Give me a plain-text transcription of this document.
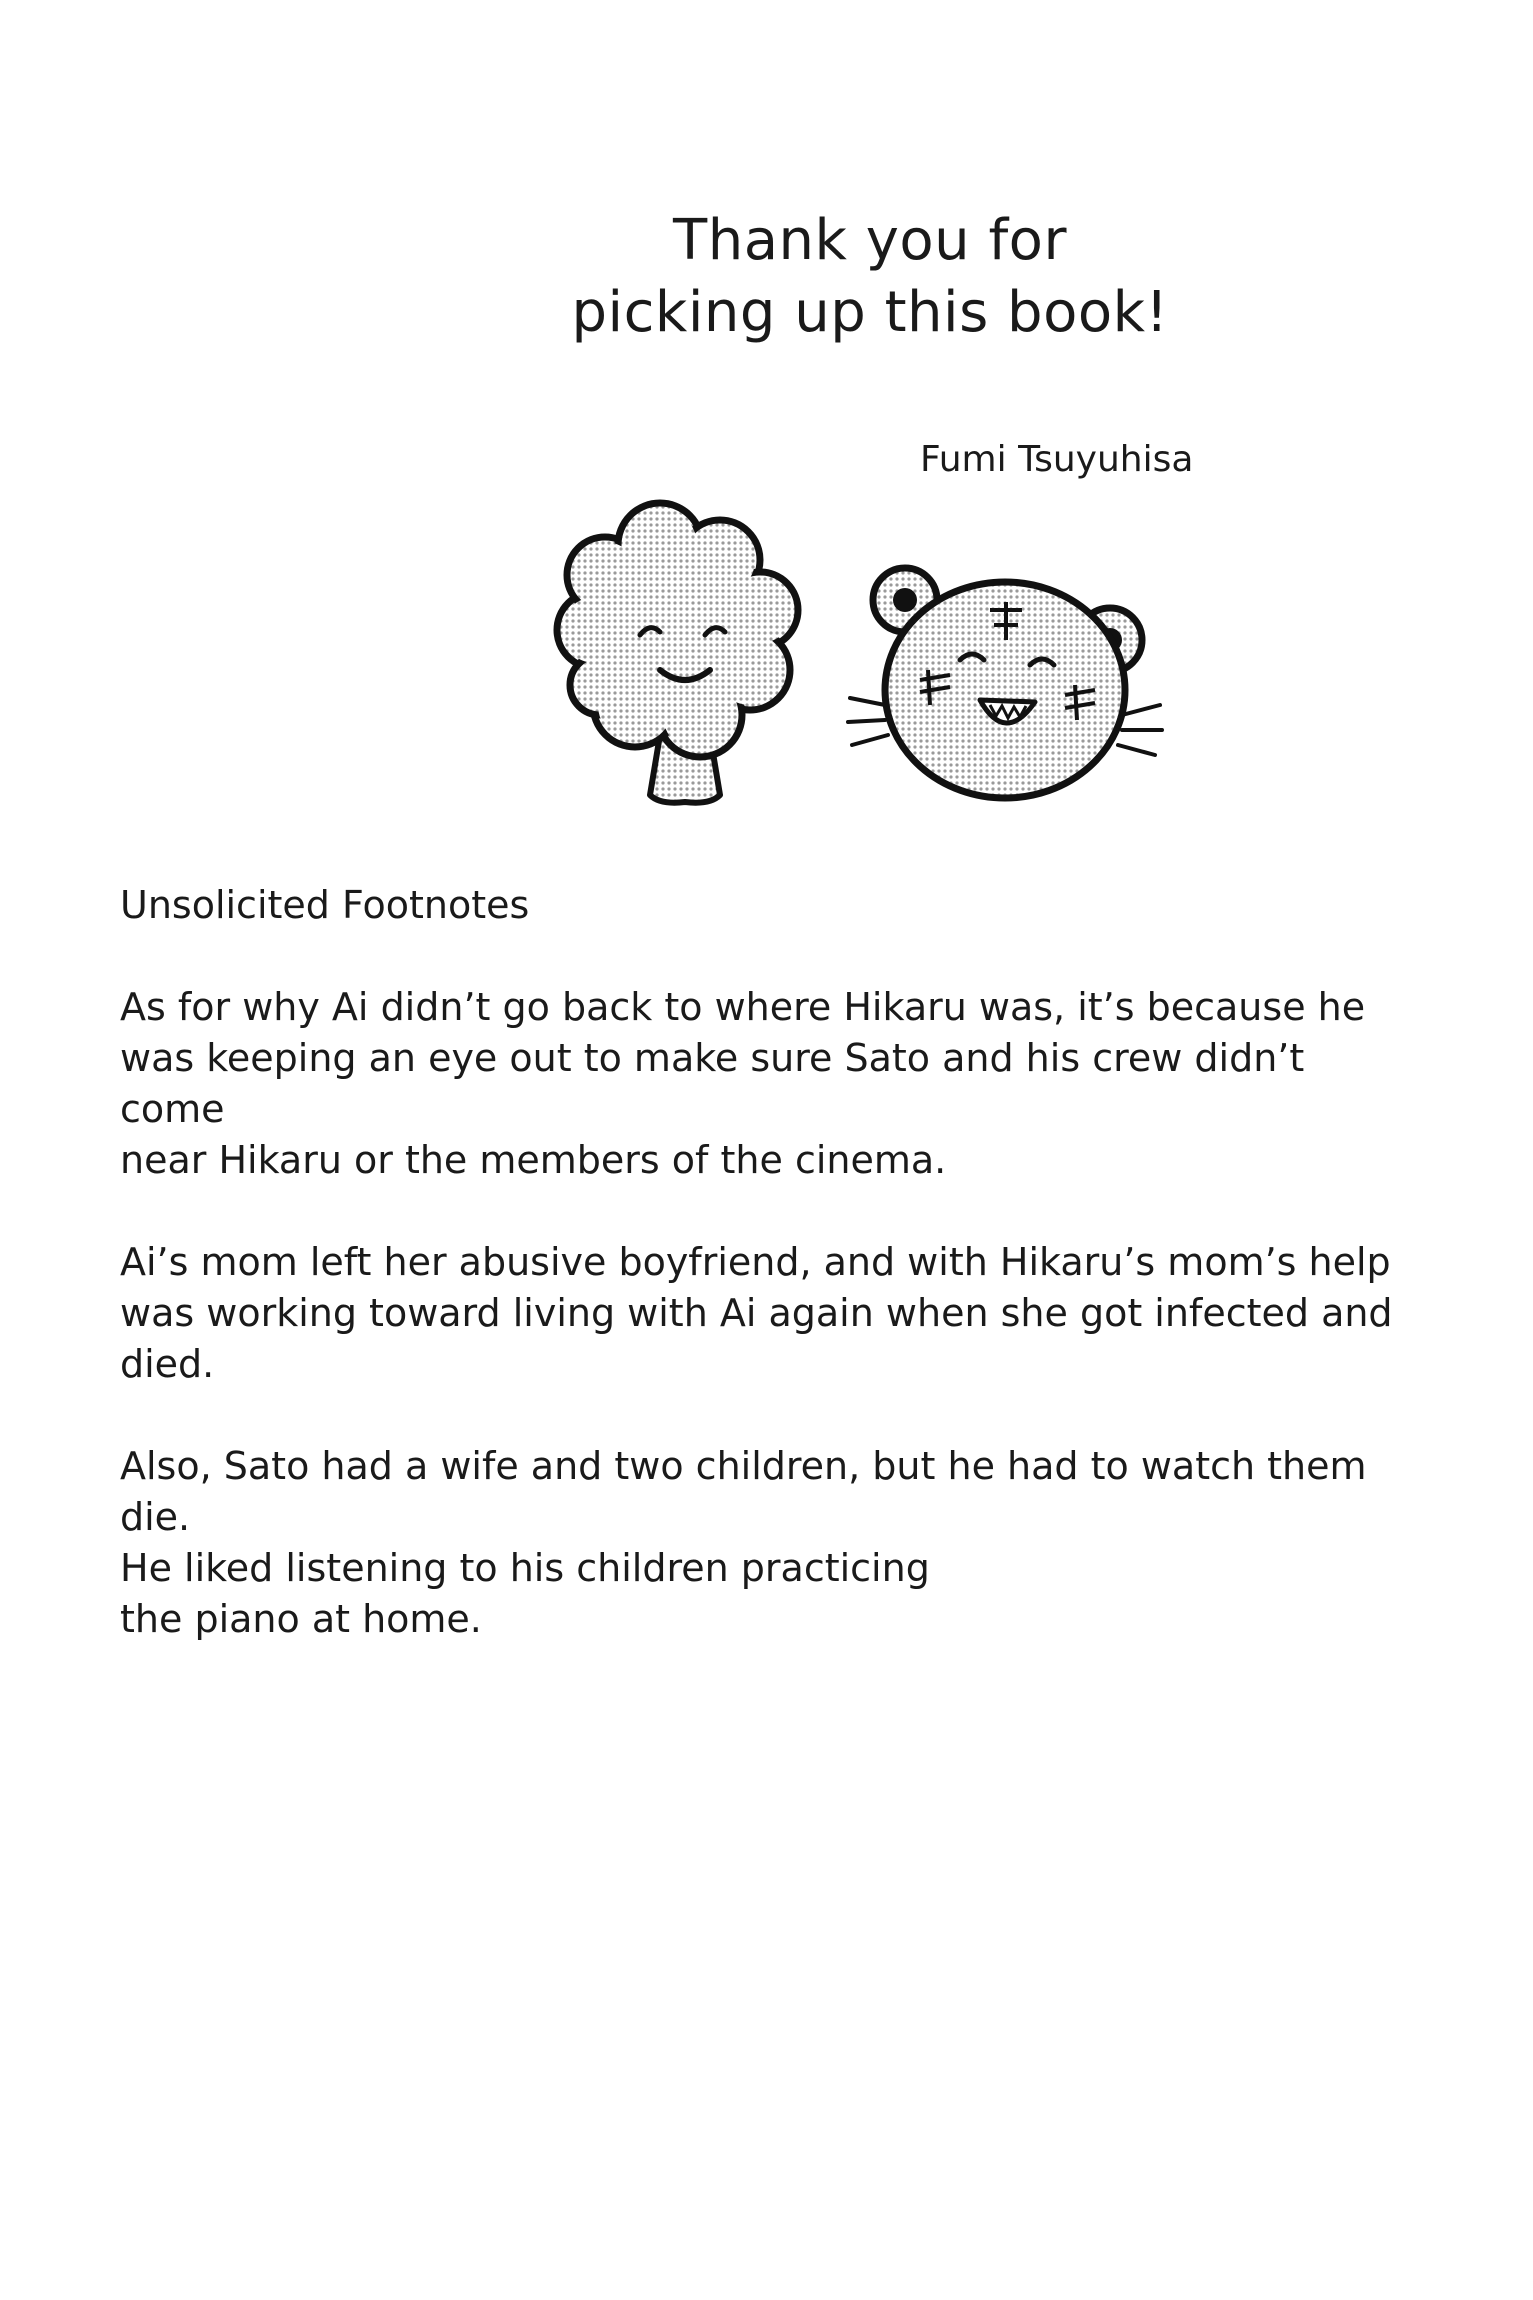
Thank you for
picking up this book!
Fumi Tsuyuhisa
Unsolicited Footnotes

As for why Ai didn’t go back to where Hikaru was, it’s because he
was keeping an eye out to make sure Sato and his crew didn’t come
near Hikaru or the members of the cinema.

Ai’s mom left her abusive boyfriend, and with Hikaru’s mom’s help
was working toward living with Ai again when she got infected and
died.

Also, Sato had a wife and two children, but he had to watch them die.
He liked listening to his children practicing
the piano at home.
